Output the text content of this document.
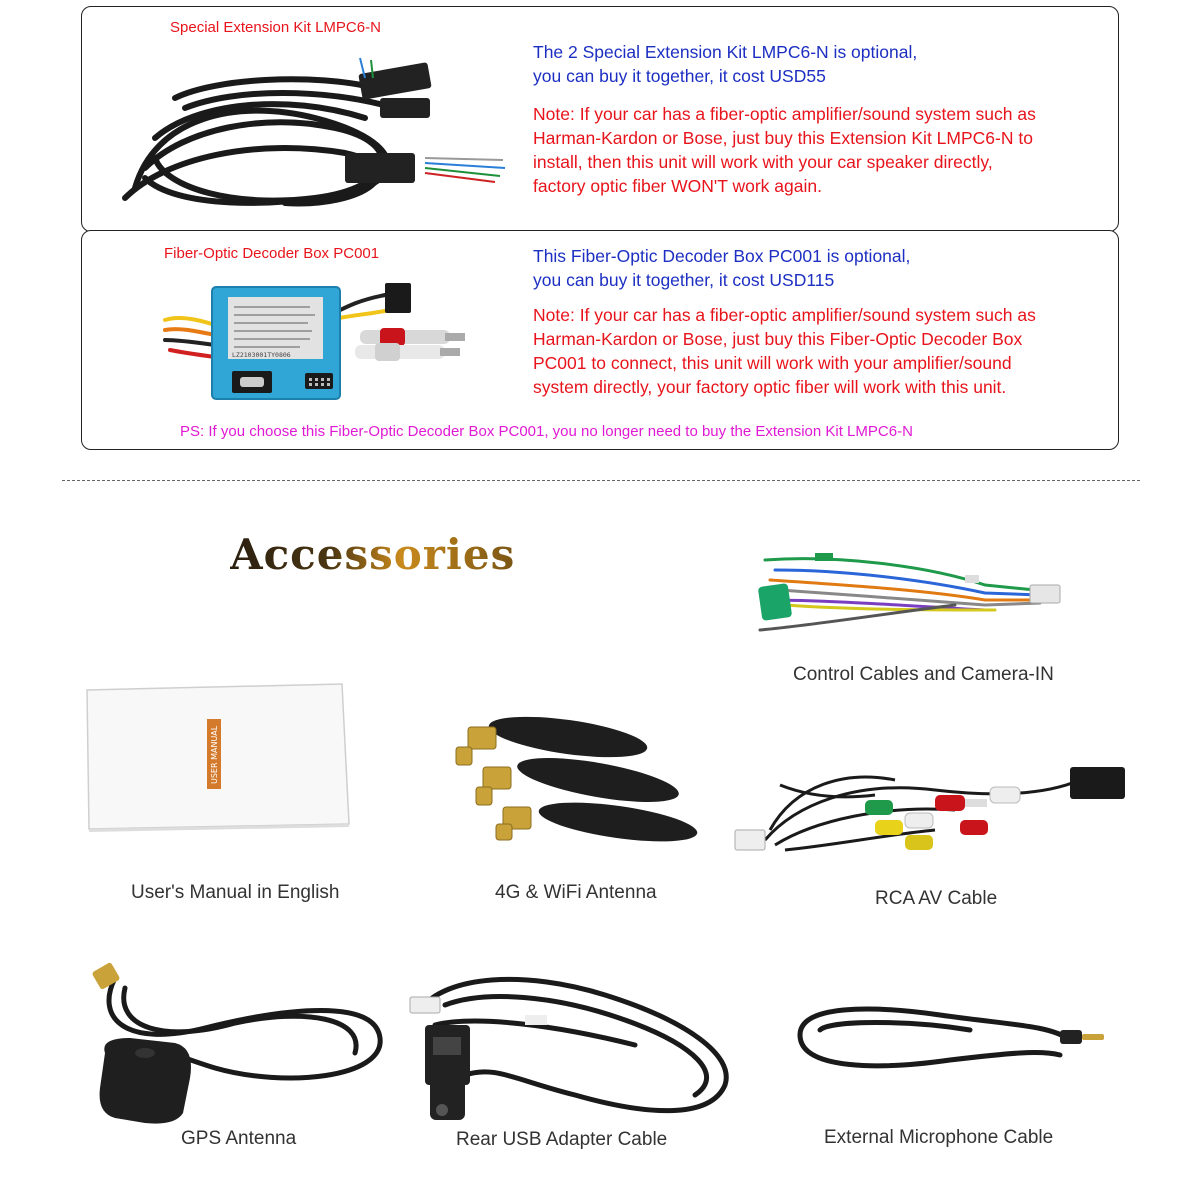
Special Extension Kit LMPC6-N
The 2 Special Extension Kit LMPC6-N is optional,
you can buy it together, it cost USD55
Note: If your car has a fiber-optic amplifier/sound system such as
Harman-Kardon or Bose, just buy this Extension Kit LMPC6-N to
install, then this unit will work with your car speaker directly,
factory optic fiber WON'T work again.
Fiber-Optic Decoder Box PC001
LZ2103001TY0806
This Fiber-Optic Decoder Box PC001 is optional,
you can buy it together, it cost USD115
Note: If your car has a fiber-optic amplifier/sound system such as
Harman-Kardon or Bose, just buy this Fiber-Optic Decoder Box
PC001 to connect, this unit will work with your amplifier/sound
system directly, your factory optic fiber will work with this unit.
PS: If you choose this Fiber-Optic Decoder Box PC001, you no longer need to buy the Extension Kit LMPC6-N
Accessories
Control Cables and Camera-IN
USER MANUAL
User's Manual in English	4G & WiFi Antenna	RCA AV Cable
GPS Antenna	Rear USB Adapter Cable	External Microphone Cable
